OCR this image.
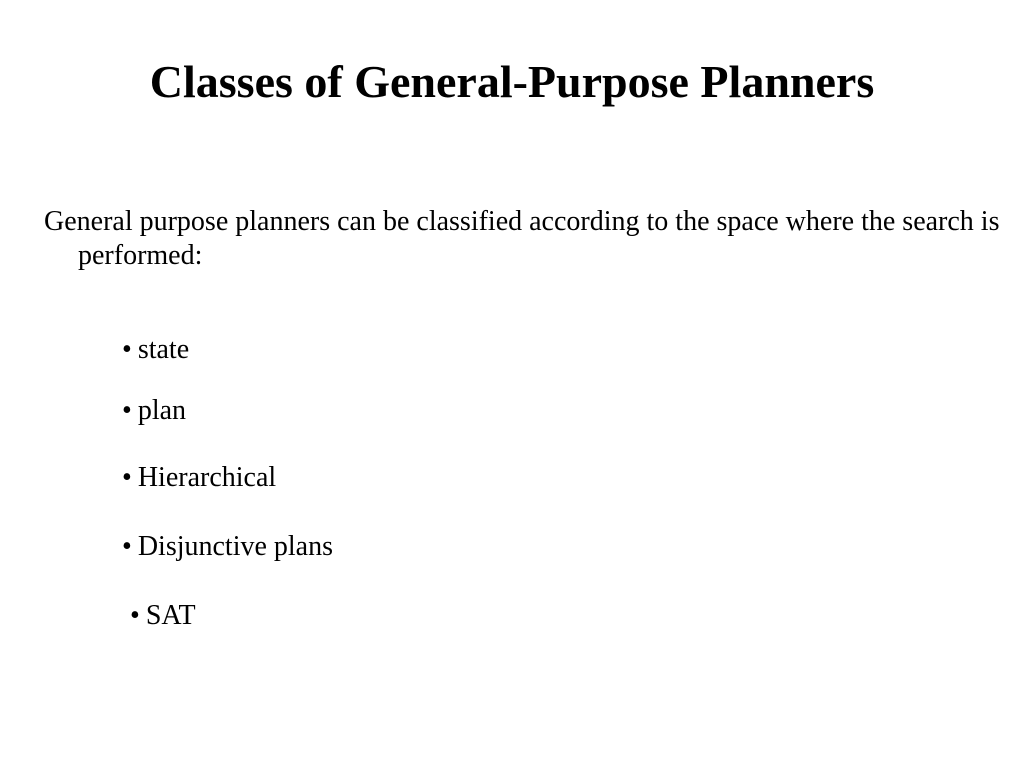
Classes of General-Purpose Planners

General purpose planners can be classified according to the space where the search is performed:

• state
• plan
• Hierarchical
• Disjunctive plans
• SAT
